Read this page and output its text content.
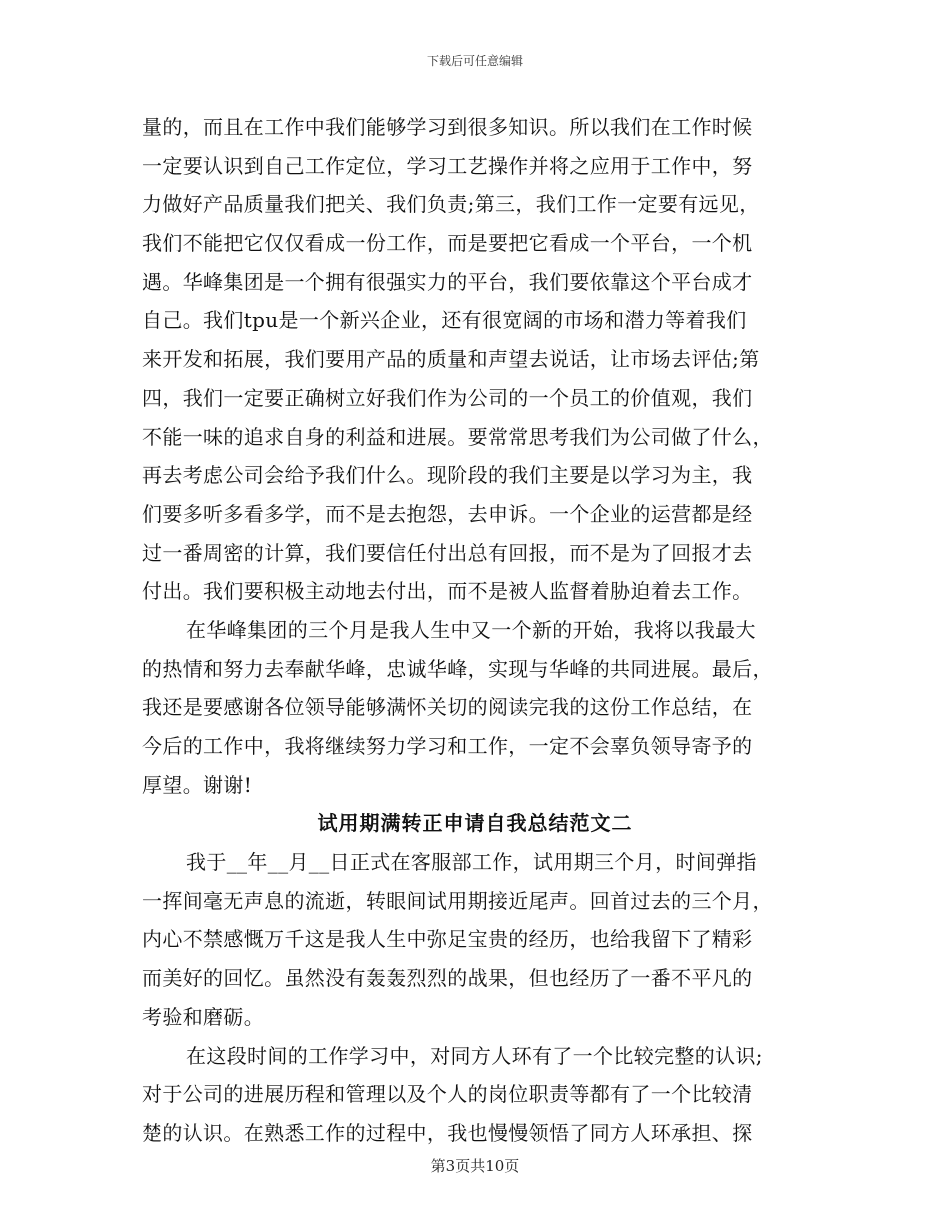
下载后可任意编辑
量的，而且在工作中我们能够学习到很多知识。所以我们在工作时候
一定要认识到自己工作定位，学习工艺操作并将之应用于工作中，努
力做好产品质量我们把关、我们负责;第三，我们工作一定要有远见，
我们不能把它仅仅看成一份工作，而是要把它看成一个平台，一个机
遇。华峰集团是一个拥有很强实力的平台，我们要依靠这个平台成才
自己。我们tpu是一个新兴企业，还有很宽阔的市场和潜力等着我们
来开发和拓展，我们要用产品的质量和声望去说话，让市场去评估;第
四，我们一定要正确树立好我们作为公司的一个员工的价值观，我们
不能一味的追求自身的利益和进展。要常常思考我们为公司做了什么，
再去考虑公司会给予我们什么。现阶段的我们主要是以学习为主，我
们要多听多看多学，而不是去抱怨，去申诉。一个企业的运营都是经
过一番周密的计算，我们要信任付出总有回报，而不是为了回报才去
付出。我们要积极主动地去付出，而不是被人监督着胁迫着去工作。
在华峰集团的三个月是我人生中又一个新的开始，我将以我最大
的热情和努力去奉献华峰，忠诚华峰，实现与华峰的共同进展。最后，
我还是要感谢各位领导能够满怀关切的阅读完我的这份工作总结，在
今后的工作中，我将继续努力学习和工作，一定不会辜负领导寄予的
厚望。谢谢!
试用期满转正申请自我总结范文二
我于__年__月__日正式在客服部工作，试用期三个月，时间弹指
一挥间毫无声息的流逝，转眼间试用期接近尾声。回首过去的三个月，
内心不禁感慨万千这是我人生中弥足宝贵的经历，也给我留下了精彩
而美好的回忆。虽然没有轰轰烈烈的战果，但也经历了一番不平凡的
考验和磨砺。
在这段时间的工作学习中，对同方人环有了一个比较完整的认识;
对于公司的进展历程和管理以及个人的岗位职责等都有了一个比较清
楚的认识。在熟悉工作的过程中，我也慢慢领悟了同方人环承担、探
第3页共10页
